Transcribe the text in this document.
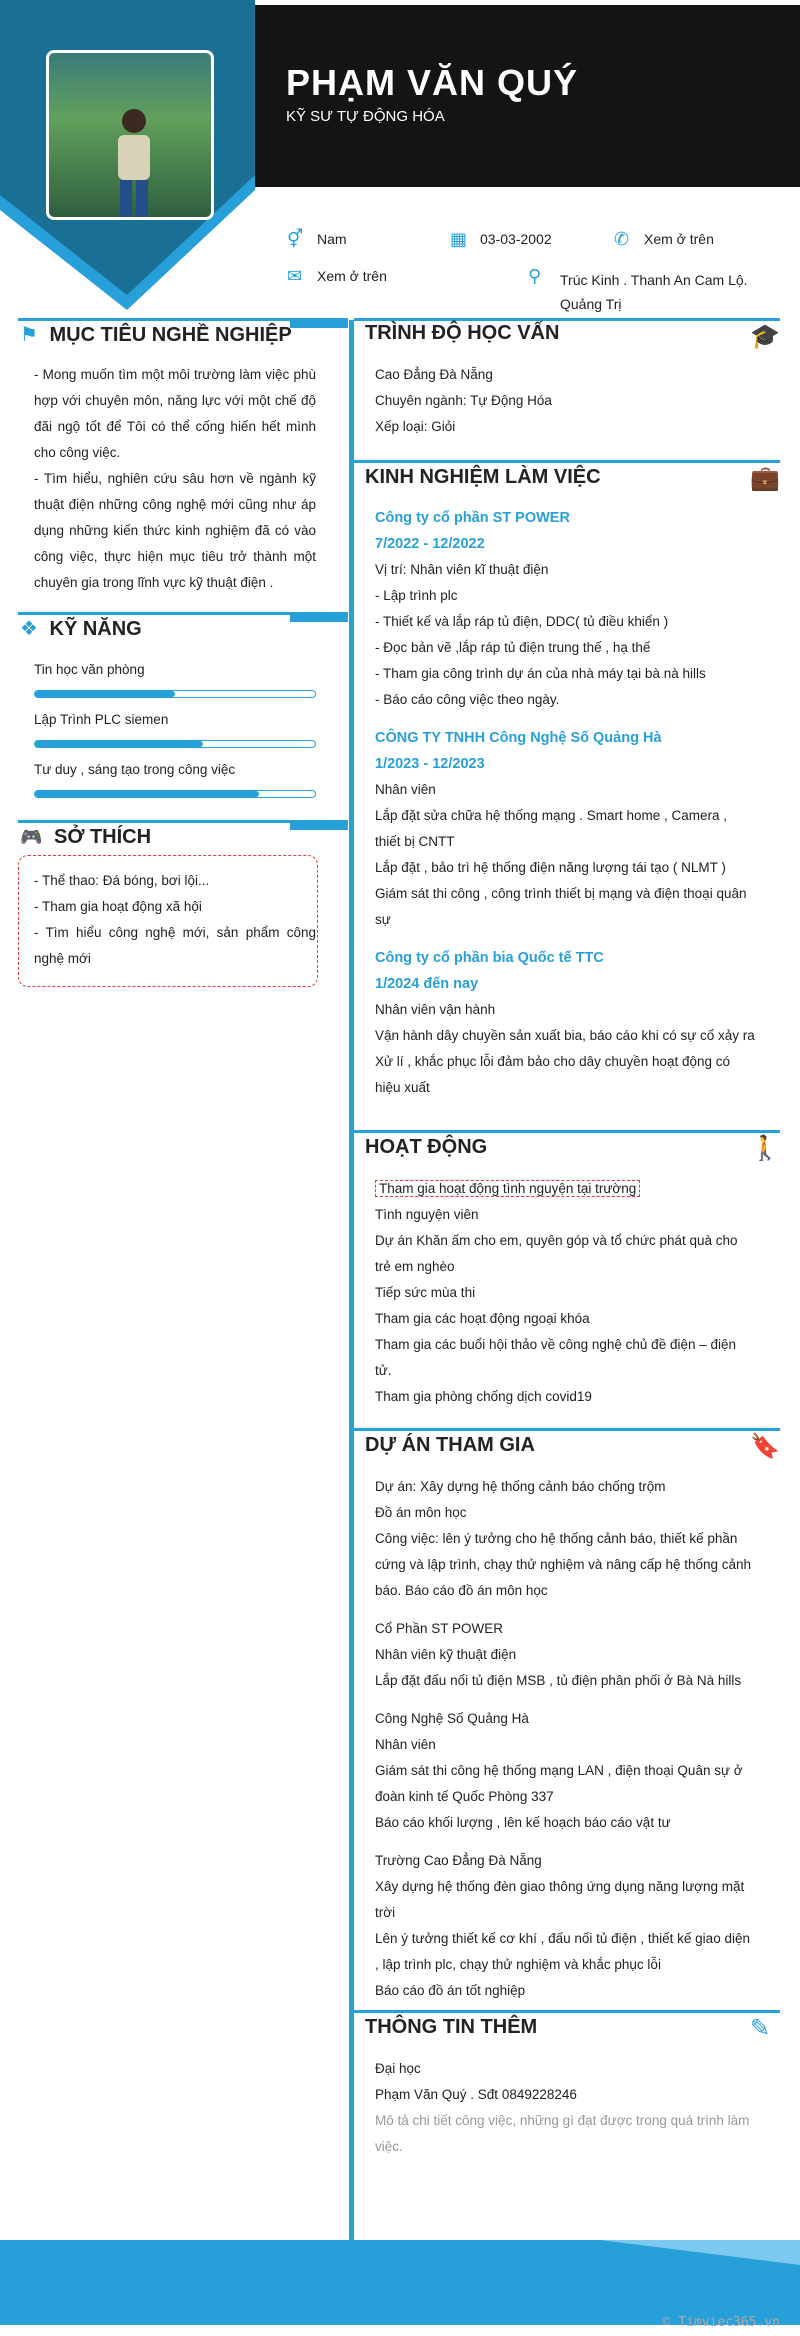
PHẠM VĂN QUÝ
KỸ SƯ TỰ ĐỘNG HÓA
⚥ Nam	▦ 03-03-2002	✆ Xem ở trên
✉ Xem ở trên	⚲ Trúc Kinh . Thanh An Cam Lộ. Quảng Trị
⚑ MỤC TIÊU NGHỀ NGHIỆP
- Mong muốn tìm một môi trường làm việc phù hợp với chuyên môn, năng lực với một chế độ đãi ngộ tốt để Tôi có thể cống hiến hết mình cho công việc.
- Tìm hiểu, nghiên cứu sâu hơn về ngành kỹ thuật điện những công nghệ mới cũng như áp dụng những kiến thức kinh nghiệm đã có vào công việc, thực hiện mục tiêu trở thành một chuyên gia trong lĩnh vực kỹ thuật điện .
❖ KỸ NĂNG
Tin học văn phòng
Lập Trình PLC siemen
Tư duy , sáng tạo trong công việc
🎮 SỞ THÍCH

- Thể thao: Đá bóng, bơi lội...

- Tham gia hoạt động xã hội

- Tìm hiểu công nghệ mới, sản phẩm công nghệ mới

TRÌNH ĐỘ HỌC VẤN	🎓

Cao Đẳng Đà Nẵng

Chuyên ngành: Tự Động Hóa

Xếp loại: Giỏi

KINH NGHIỆM LÀM VIỆC	💼

Công ty cổ phần ST POWER

7/2022 - 12/2022

Vị trí: Nhân viên kĩ thuật điện

- Lập trình plc

- Thiết kế và lắp ráp tủ điện, DDC( tủ điều khiển )

- Đọc bản vẽ ,lắp ráp tủ điện trung thế , hạ thế

- Tham gia công trình dự án của nhà máy tại bà nà hills

- Báo cáo công việc theo ngày.

CÔNG TY TNHH Công Nghệ Số Quảng Hà

1/2023 - 12/2023

Nhân viên

Lắp đặt sửa chữa hệ thống mạng . Smart home , Camera , thiết bị CNTT

Lắp đặt , bảo trì hệ thống điện năng lượng tái tạo ( NLMT )

Giám sát thi công , công trình thiết bị mạng và điện thoại quân sự

Công ty cổ phần bia Quốc tế TTC

1/2024 đến nay

Nhân viên vận hành

Vận hành dây chuyền sản xuất bia, báo cáo khi có sự cố xảy ra

Xử lí , khắc phục lỗi đảm bảo cho dây chuyền hoạt động có hiệu xuất

HOẠT ĐỘNG	🚶

Tham gia hoạt động tình nguyện tại trường

Tình nguyện viên

Dự án Khăn ấm cho em, quyên góp và tổ chức phát quà cho trẻ em nghèo

Tiếp sức mùa thi

Tham gia các hoạt động ngoại khóa

Tham gia các buổi hội thảo về công nghệ chủ đề điện – điện tử.

Tham gia phòng chống dịch covid19

DỰ ÁN THAM GIA	🔖

Dự án: Xây dựng hệ thống cảnh báo chống trộm

Đồ án môn học

Công việc: lên ý tưởng cho hệ thống cảnh báo, thiết kế phần cứng và lập trình, chạy thử nghiệm và nâng cấp hệ thống cảnh báo. Báo cáo đồ án môn học

Cổ Phần ST POWER

Nhân viên kỹ thuật điện

Lắp đặt đấu nối tủ điện MSB , tủ điện phân phối ở Bà Nà hills

Công Nghệ Số Quảng Hà

Nhân viên

Giám sát thi công hệ thống mạng LAN , điện thoại Quân sự ở đoàn kinh tế Quốc Phòng 337

Báo cáo khối lượng , lên kế hoạch báo cáo vật tư

Trường Cao Đẳng Đà Nẵng

Xây dựng hệ thống đèn giao thông ứng dụng năng lượng mặt trời

Lên ý tưởng thiết kế cơ khí , đấu nối tủ điện , thiết kế giao diện , lập trình plc, chạy thử nghiệm và khắc phục lỗi

Báo cáo đồ án tốt nghiệp

THÔNG TIN THÊM	✎

Đại học

Phạm Văn Quý . Sđt 0849228246

Mô tả chi tiết công việc, những gì đạt được trong quá trình làm việc.

© Timviec365.vn
